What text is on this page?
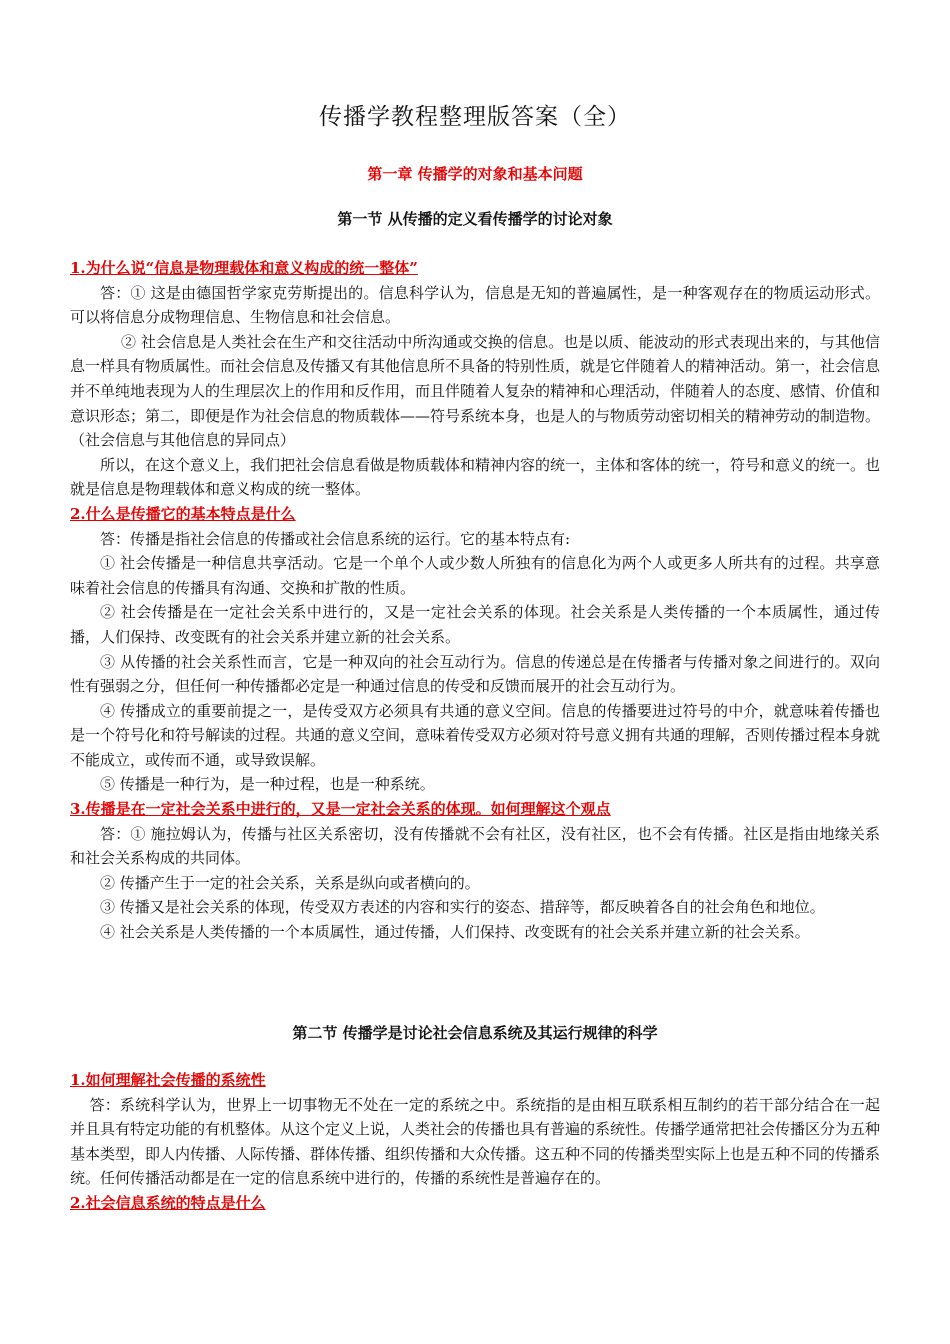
传播学教程整理版答案（全）
第一章 传播学的对象和基本问题
第一节 从传播的定义看传播学的讨论对象

1.为什么说“信息是物理载体和意义构成的统一整体”

答：① 这是由德国哲学家克劳斯提出的。信息科学认为，信息是无知的普遍属性，是一种客观存在的物质运动形式。可以将信息分成物理信息、生物信息和社会信息。

② 社会信息是人类社会在生产和交往活动中所沟通或交换的信息。也是以质、能波动的形式表现出来的，与其他信息一样具有物质属性。而社会信息及传播又有其他信息所不具备的特别性质，就是它伴随着人的精神活动。第一，社会信息并不单纯地表现为人的生理层次上的作用和反作用，而且伴随着人复杂的精神和心理活动，伴随着人的态度、感情、价值和意识形态；第二，即便是作为社会信息的物质载体——符号系统本身，也是人的与物质劳动密切相关的精神劳动的制造物。（社会信息与其他信息的异同点）

所以，在这个意义上，我们把社会信息看做是物质载体和精神内容的统一，主体和客体的统一，符号和意义的统一。也就是信息是物理载体和意义构成的统一整体。

2.什么是传播它的基本特点是什么

答：传播是指社会信息的传播或社会信息系统的运行。它的基本特点有:

① 社会传播是一种信息共享活动。它是一个单个人或少数人所独有的信息化为两个人或更多人所共有的过程。共享意味着社会信息的传播具有沟通、交换和扩散的性质。

② 社会传播是在一定社会关系中进行的，又是一定社会关系的体现。社会关系是人类传播的一个本质属性，通过传播，人们保持、改变既有的社会关系并建立新的社会关系。

③ 从传播的社会关系性而言，它是一种双向的社会互动行为。信息的传递总是在传播者与传播对象之间进行的。双向性有强弱之分，但任何一种传播都必定是一种通过信息的传受和反馈而展开的社会互动行为。

④ 传播成立的重要前提之一，是传受双方必须具有共通的意义空间。信息的传播要进过符号的中介，就意味着传播也是一个符号化和符号解读的过程。共通的意义空间，意味着传受双方必须对符号意义拥有共通的理解，否则传播过程本身就不能成立，或传而不通，或导致误解。

⑤ 传播是一种行为，是一种过程，也是一种系统。

3.传播是在一定社会关系中进行的，又是一定社会关系的体现。如何理解这个观点

答：① 施拉姆认为，传播与社区关系密切，没有传播就不会有社区，没有社区，也不会有传播。社区是指由地缘关系和社会关系构成的共同体。

② 传播产生于一定的社会关系，关系是纵向或者横向的。

③ 传播又是社会关系的体现，传受双方表述的内容和实行的姿态、措辞等，都反映着各自的社会角色和地位。

④ 社会关系是人类传播的一个本质属性，通过传播，人们保持、改变既有的社会关系并建立新的社会关系。

第二节 传播学是讨论社会信息系统及其运行规律的科学

1.如何理解社会传播的系统性

答：系统科学认为，世界上一切事物无不处在一定的系统之中。系统指的是由相互联系相互制约的若干部分结合在一起并且具有特定功能的有机整体。从这个定义上说，人类社会的传播也具有普遍的系统性。传播学通常把社会传播区分为五种基本类型，即人内传播、人际传播、群体传播、组织传播和大众传播。这五种不同的传播类型实际上也是五种不同的传播系统。任何传播活动都是在一定的信息系统中进行的，传播的系统性是普遍存在的。

2.社会信息系统的特点是什么
